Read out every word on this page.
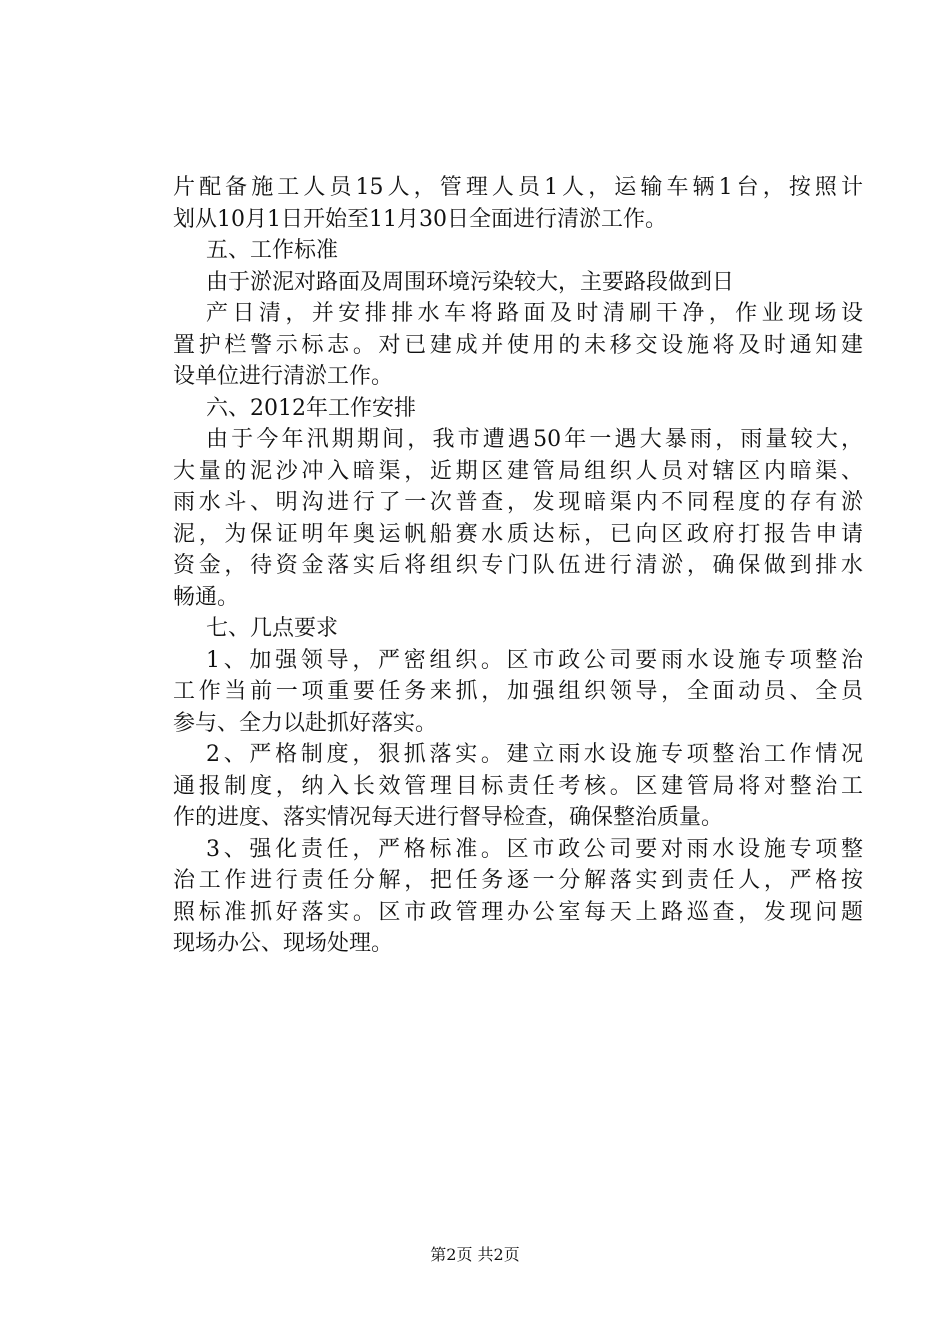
片配备施工人员15人，管理人员1人，运输车辆1台，按照计
划从10月1日开始至11月30日全面进行清淤工作。
五、工作标准
由于淤泥对路面及周围环境污染较大，主要路段做到日
产日清，并安排排水车将路面及时清刷干净，作业现场设
置护栏警示标志。对已建成并使用的未移交设施将及时通知建
设单位进行清淤工作。
六、2012年工作安排
由于今年汛期期间，我市遭遇50年一遇大暴雨，雨量较大，
大量的泥沙冲入暗渠，近期区建管局组织人员对辖区内暗渠、
雨水斗、明沟进行了一次普查，发现暗渠内不同程度的存有淤
泥，为保证明年奥运帆船赛水质达标，已向区政府打报告申请
资金，待资金落实后将组织专门队伍进行清淤，确保做到排水
畅通。
七、几点要求
1、加强领导，严密组织。区市政公司要雨水设施专项整治
工作当前一项重要任务来抓，加强组织领导，全面动员、全员
参与、全力以赴抓好落实。
2、严格制度，狠抓落实。建立雨水设施专项整治工作情况
通报制度，纳入长效管理目标责任考核。区建管局将对整治工
作的进度、落实情况每天进行督导检查，确保整治质量。
3、强化责任，严格标准。区市政公司要对雨水设施专项整
治工作进行责任分解，把任务逐一分解落实到责任人，严格按
照标准抓好落实。区市政管理办公室每天上路巡查，发现问题
现场办公、现场处理。
第2页 共2页
